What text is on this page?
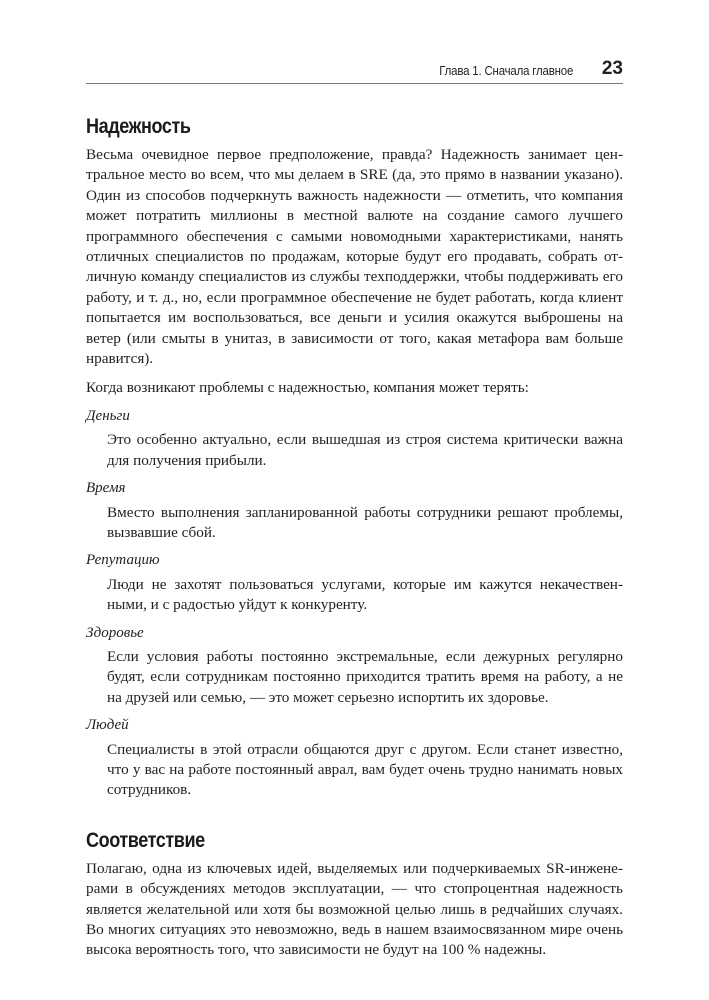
Глава 1. Сначала главное 23
Надежность

Весьма очевидное первое предположение, правда? Надежность занимает центральное место во всем, что мы делаем в SRE (да, это прямо в названии указано). Один из способов подчеркнуть важность надежности — отметить, что компания может потратить миллионы в местной валюте на создание самого лучшего программного обеспечения с самыми новомодными характеристиками, нанять отличных специалистов по продажам, которые будут его продавать, собрать отличную команду специалистов из службы техподдержки, чтобы поддерживать его работу, и т. д., но, если программное обеспечение не будет работать, когда клиент попытается им воспользоваться, все деньги и усилия окажутся выброшены на ветер (или смыты в унитаз, в зависимости от того, какая метафора вам больше нравится).

Когда возникают проблемы с надежностью, компания может терять:

Деньги

Это особенно актуально, если вышедшая из строя система критически важна для получения прибыли.

Время

Вместо выполнения запланированной работы сотрудники решают проблемы, вызвавшие сбой.

Репутацию

Люди не захотят пользоваться услугами, которые им кажутся некачественными, и с радостью уйдут к конкуренту.

Здоровье

Если условия работы постоянно экстремальные, если дежурных регулярно будят, если сотрудникам постоянно приходится тратить время на работу, а не на друзей или семью, — это может серьезно испортить их здоровье.

Людей

Специалисты в этой отрасли общаются друг с другом. Если станет известно, что у вас на работе постоянный аврал, вам будет очень трудно нанимать новых сотрудников.

Соответствие

Полагаю, одна из ключевых идей, выделяемых или подчеркиваемых SR-инженерами в обсуждениях методов эксплуатации, — что стопроцентная надежность является желательной или хотя бы возможной целью лишь в редчайших случаях. Во многих ситуациях это невозможно, ведь в нашем взаимосвязанном мире очень высока вероятность того, что зависимости не будут на 100 % надежны.
